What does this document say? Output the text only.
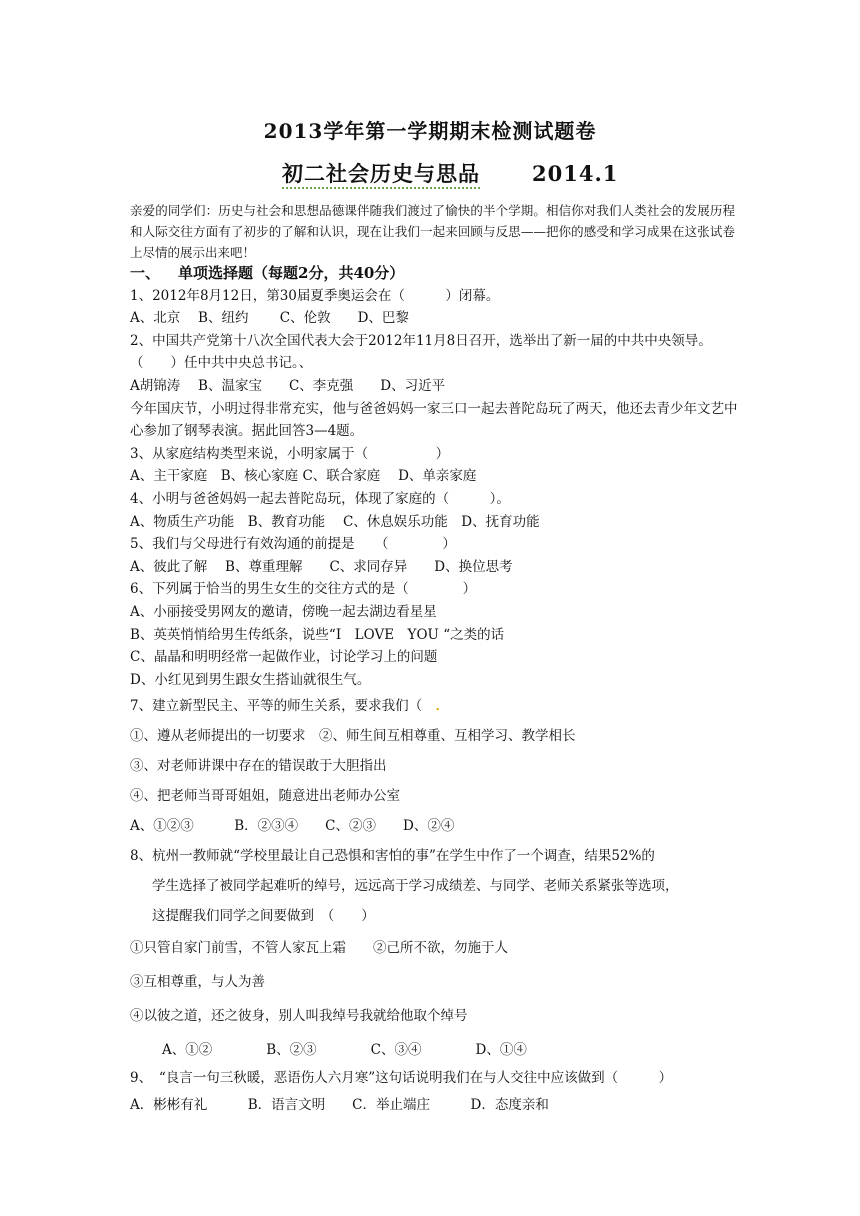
2013学年第一学期期末检测试题卷
初二社会历史与思品 2014.1
亲爱的同学们：历史与社会和思想品德课伴随我们渡过了愉快的半个学期。相信你对我们人类社会的发展历程和人际交往方面有了初步的了解和认识，现在让我们一起来回顾与反思——把你的感受和学习成果在这张试卷上尽情的展示出来吧！
一、 单项选择题（每题2分，共40分）
1、2012年8月12日，第30届夏季奥运会在（　　　）闭幕。
A、北京　 B、纽约　　 C、伦敦　　D、巴黎
2、中国共产党第十八次全国代表大会于2012年11月8日召开，选举出了新一届的中共中央领导。（　　）任中共中央总书记。、
A胡锦涛　 B、温家宝　　C、李克强　　D、习近平
今年国庆节，小明过得非常充实，他与爸爸妈妈一家三口一起去普陀岛玩了两天，他还去青少年文艺中心参加了钢琴表演。据此回答3—4题。
3、从家庭结构类型来说，小明家属于（　　　　　）
A、主干家庭　B、核心家庭 C、联合家庭　 D、单亲家庭
4、小明与爸爸妈妈一起去普陀岛玩，体现了家庭的（　　　）。
A、物质生产功能　B、教育功能　 C、休息娱乐功能　D、抚育功能
5、我们与父母进行有效沟通的前提是　　（　　　　）
A、彼此了解　 B、尊重理解　　C、求同存异　　D、换位思考
6、下列属于恰当的男生女生的交往方式的是（　　　　）
A、小丽接受男网友的邀请，傍晚一起去湖边看星星
B、英英悄悄给男生传纸条，说些“I　LOVE　YOU “之类的话
C、晶晶和明明经常一起做作业，讨论学习上的问题
D、小红见到男生跟女生搭讪就很生气。
7、建立新型民主、平等的师生关系，要求我们（　．
①、遵从老师提出的一切要求　②、师生间互相尊重、互相学习、教学相长
③、对老师讲课中存在的错误敢于大胆指出
④、把老师当哥哥姐姐，随意进出老师办公室
A、①②③　　　B．②③④　　C、②③　　D、②④
8、杭州一教师就“学校里最让自己恐惧和害怕的事”在学生中作了一个调查，结果52%的
学生选择了被同学起难听的绰号，远远高于学习成绩差、与同学、老师关系紧张等选项，
这提醒我们同学之间要做到　（　　）
①只管自家门前雪，不管人家瓦上霜　　②己所不欲，勿施于人
③互相尊重，与人为善
④以彼之道，还之彼身，别人叫我绰号我就给他取个绰号
A、①②　　　　B、②③　　　　C、③④　　　　D、①④
9、　“良言一句三秋暖，恶语伤人六月寒”这句话说明我们在与人交往中应该做到（　　　）
A．彬彬有礼　　　B．语言文明　　C．举止端庄　　　D．态度亲和
